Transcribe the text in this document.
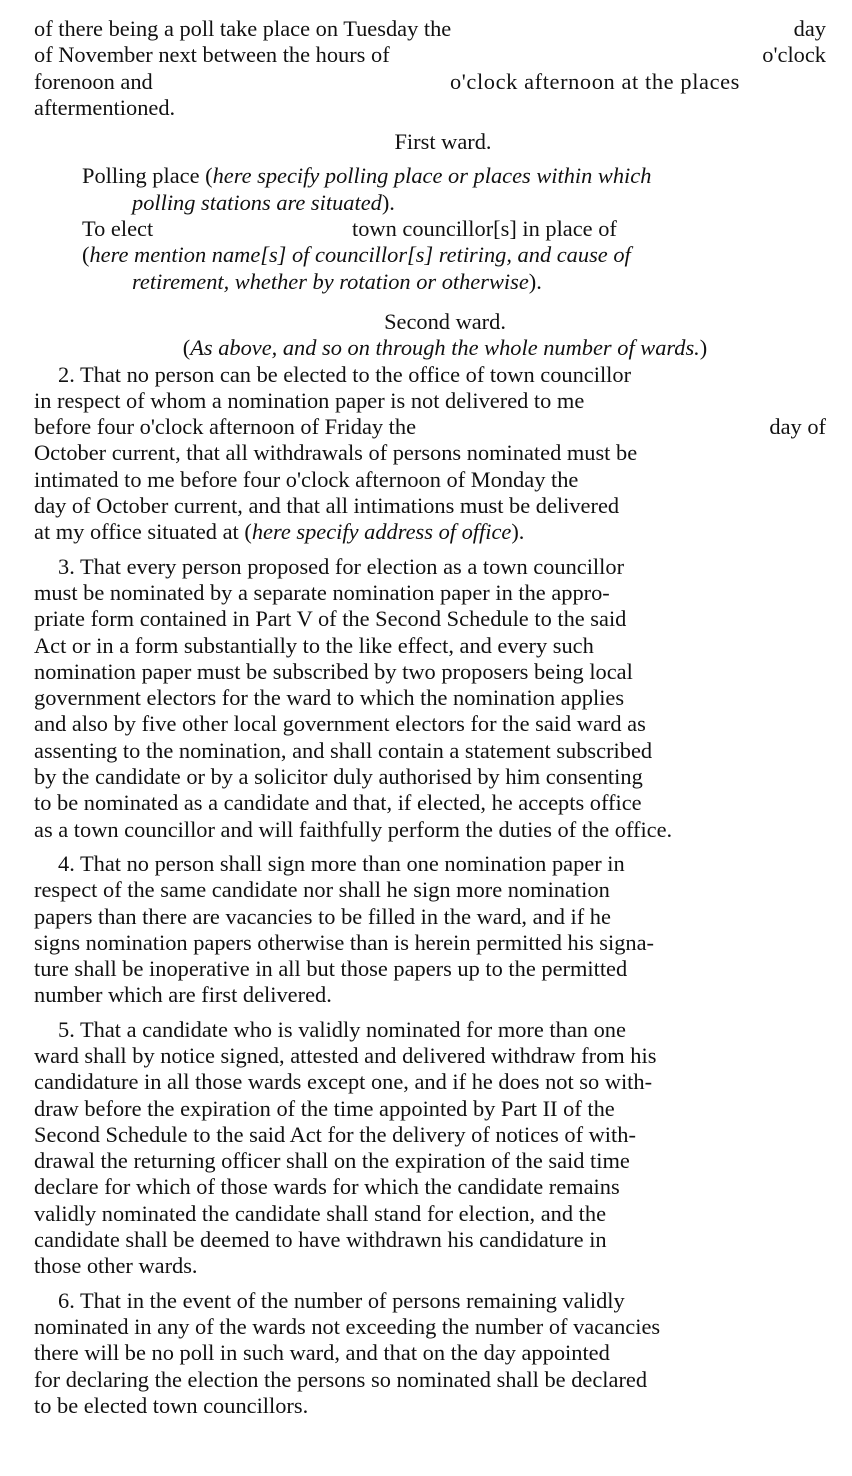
of there being a poll take place on Tuesday the	day
of November next between the hours of	o'clock
forenoon and	o'clock afternoon at the places
aftermentioned.
First ward.
Polling place (here specify polling place or places within which
polling stations are situated).
To elect	town councillor[s] in place of
(here mention name[s] of councillor[s] retiring, and cause of
retirement, whether by rotation or otherwise).
Second ward.
(As above, and so on through the whole number of wards.)
2. That no person can be elected to the office of town councillor
in respect of whom a nomination paper is not delivered to me
before four o'clock afternoon of Friday the	day of
October current, that all withdrawals of persons nominated must be
intimated to me before four o'clock afternoon of Monday the
day of October current, and that all intimations must be delivered
at my office situated at (here specify address of office).
3. That every person proposed for election as a town councillor
must be nominated by a separate nomination paper in the appro-
priate form contained in Part V of the Second Schedule to the said
Act or in a form substantially to the like effect, and every such
nomination paper must be subscribed by two proposers being local
government electors for the ward to which the nomination applies
and also by five other local government electors for the said ward as
assenting to the nomination, and shall contain a statement subscribed
by the candidate or by a solicitor duly authorised by him consenting
to be nominated as a candidate and that, if elected, he accepts office
as a town councillor and will faithfully perform the duties of the office.
4. That no person shall sign more than one nomination paper in
respect of the same candidate nor shall he sign more nomination
papers than there are vacancies to be filled in the ward, and if he
signs nomination papers otherwise than is herein permitted his signa-
ture shall be inoperative in all but those papers up to the permitted
number which are first delivered.
5. That a candidate who is validly nominated for more than one
ward shall by notice signed, attested and delivered withdraw from his
candidature in all those wards except one, and if he does not so with-
draw before the expiration of the time appointed by Part II of the
Second Schedule to the said Act for the delivery of notices of with-
drawal the returning officer shall on the expiration of the said time
declare for which of those wards for which the candidate remains
validly nominated the candidate shall stand for election, and the
candidate shall be deemed to have withdrawn his candidature in
those other wards.
6. That in the event of the number of persons remaining validly
nominated in any of the wards not exceeding the number of vacancies
there will be no poll in such ward, and that on the day appointed
for declaring the election the persons so nominated shall be declared
to be elected town councillors.
